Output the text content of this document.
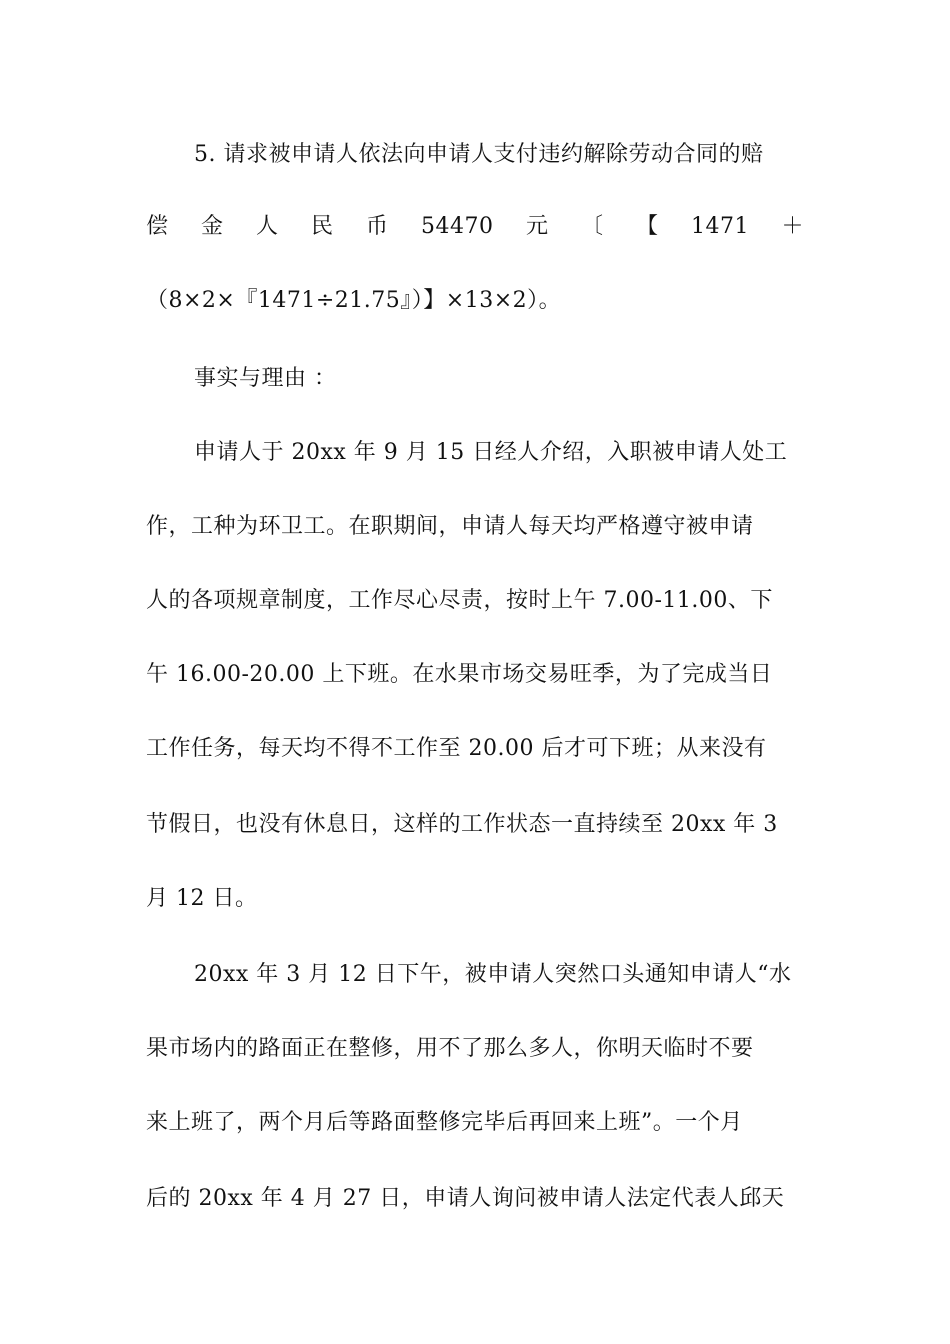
5. 请求被申请人依法向申请人支付违约解除劳动合同的赔
偿 金 人 民 币 54470 元 〔 【 1471 ＋
（8×2×『1471÷21.75』）】×13×2）。
事实与理由 ：
申请人于 20xx 年 9 月 15 日经人介绍，入职被申请人处工
作，工种为环卫工。在职期间，申请人每天均严格遵守被申请
人的各项规章制度，工作尽心尽责，按时上午 7.00-11.00、下
午 16.00-20.00 上下班。在水果市场交易旺季，为了完成当日
工作任务，每天均不得不工作至 20.00 后才可下班；从来没有
节假日，也没有休息日，这样的工作状态一直持续至 20xx 年 3
月 12 日。
20xx 年 3 月 12 日下午，被申请人突然口头通知申请人“水
果市场内的路面正在整修，用不了那么多人，你明天临时不要
来上班了，两个月后等路面整修完毕后再回来上班”。一个月
后的 20xx 年 4 月 27 日，申请人询问被申请人法定代表人邱天
